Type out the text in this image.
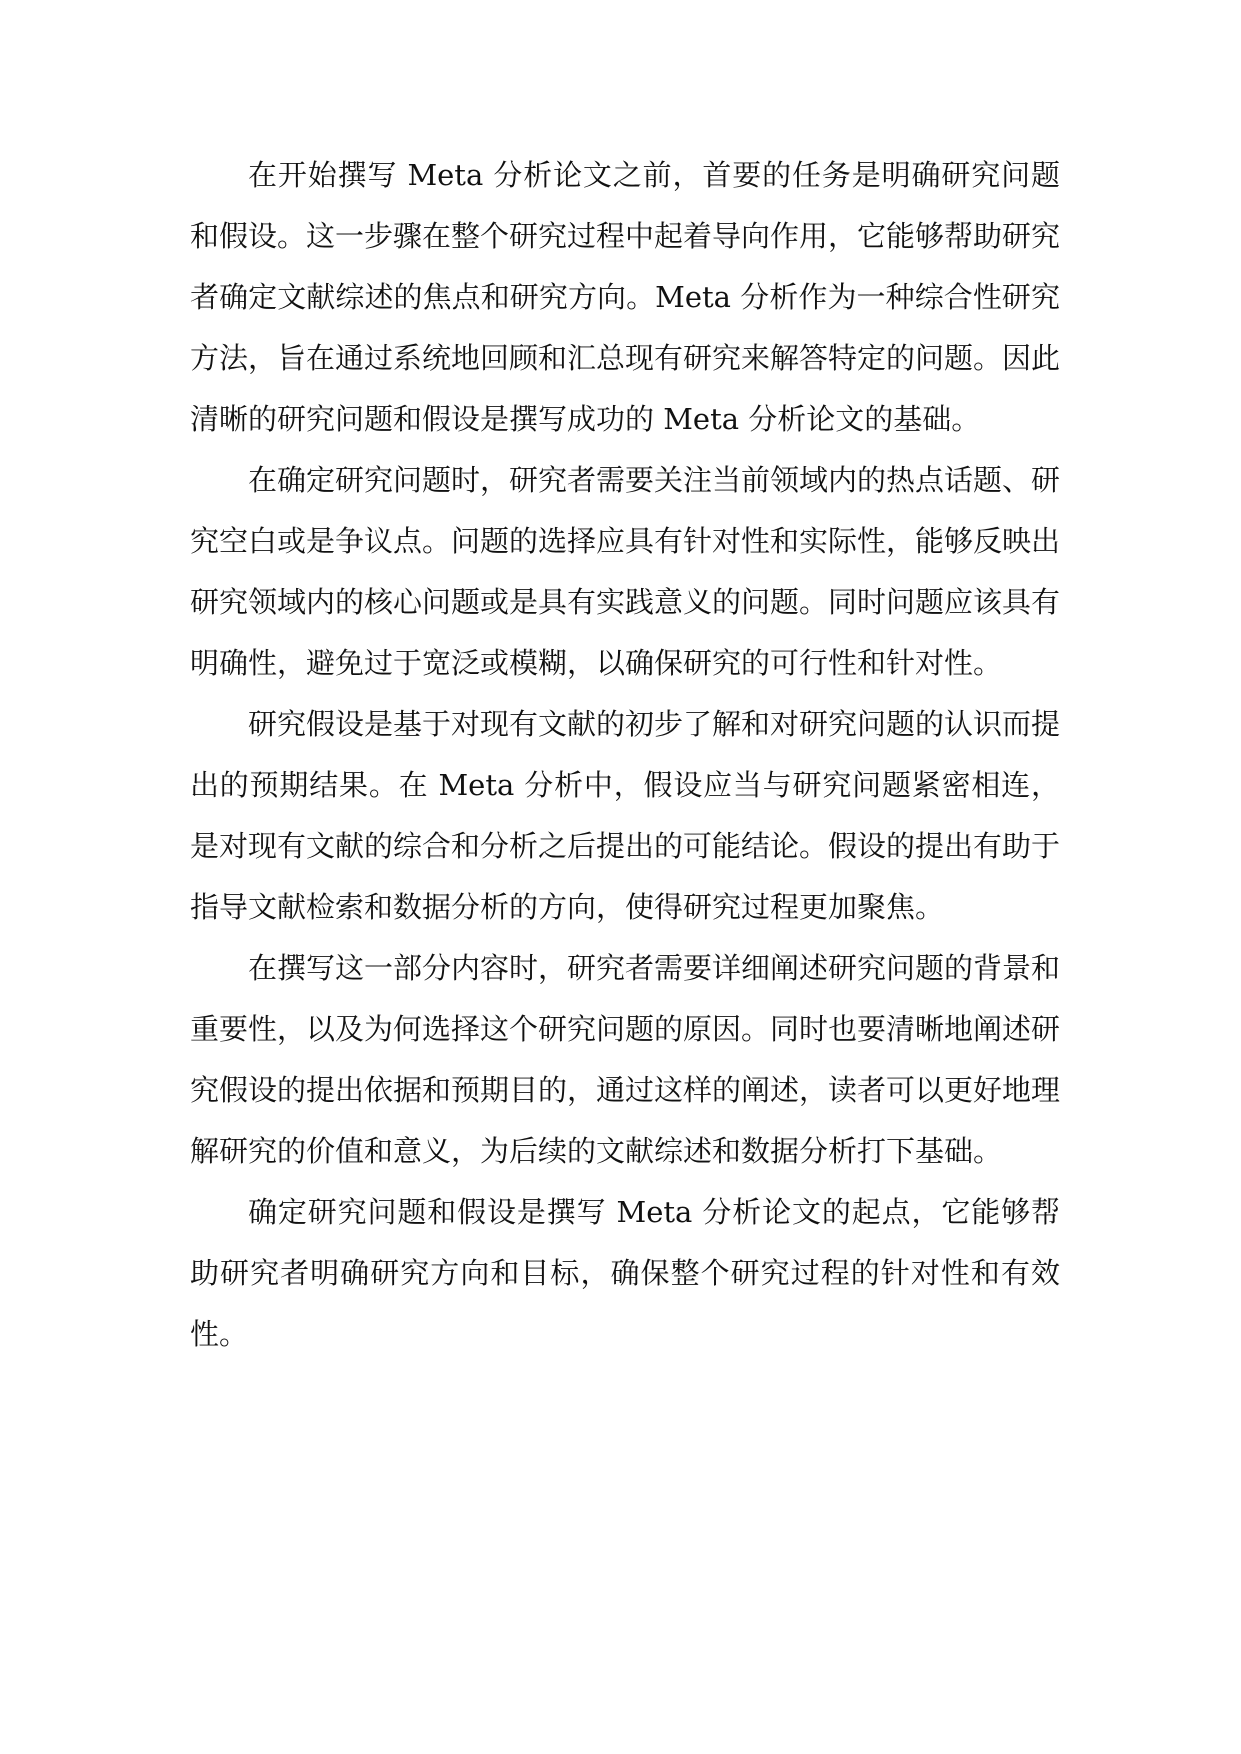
在开始撰写 Meta 分析论文之前，首要的任务是明确研究问题和假设。这一步骤在整个研究过程中起着导向作用，它能够帮助研究者确定文献综述的焦点和研究方向。Meta 分析作为一种综合性研究方法，旨在通过系统地回顾和汇总现有研究来解答特定的问题。因此清晰的研究问题和假设是撰写成功的 Meta 分析论文的基础。

在确定研究问题时，研究者需要关注当前领域内的热点话题、研究空白或是争议点。问题的选择应具有针对性和实际性，能够反映出研究领域内的核心问题或是具有实践意义的问题。同时问题应该具有明确性，避免过于宽泛或模糊，以确保研究的可行性和针对性。

研究假设是基于对现有文献的初步了解和对研究问题的认识而提出的预期结果。在 Meta 分析中，假设应当与研究问题紧密相连，是对现有文献的综合和分析之后提出的可能结论。假设的提出有助于指导文献检索和数据分析的方向，使得研究过程更加聚焦。

在撰写这一部分内容时，研究者需要详细阐述研究问题的背景和重要性，以及为何选择这个研究问题的原因。同时也要清晰地阐述研究假设的提出依据和预期目的，通过这样的阐述，读者可以更好地理解研究的价值和意义，为后续的文献综述和数据分析打下基础。

确定研究问题和假设是撰写 Meta 分析论文的起点，它能够帮助研究者明确研究方向和目标，确保整个研究过程的针对性和有效性。
